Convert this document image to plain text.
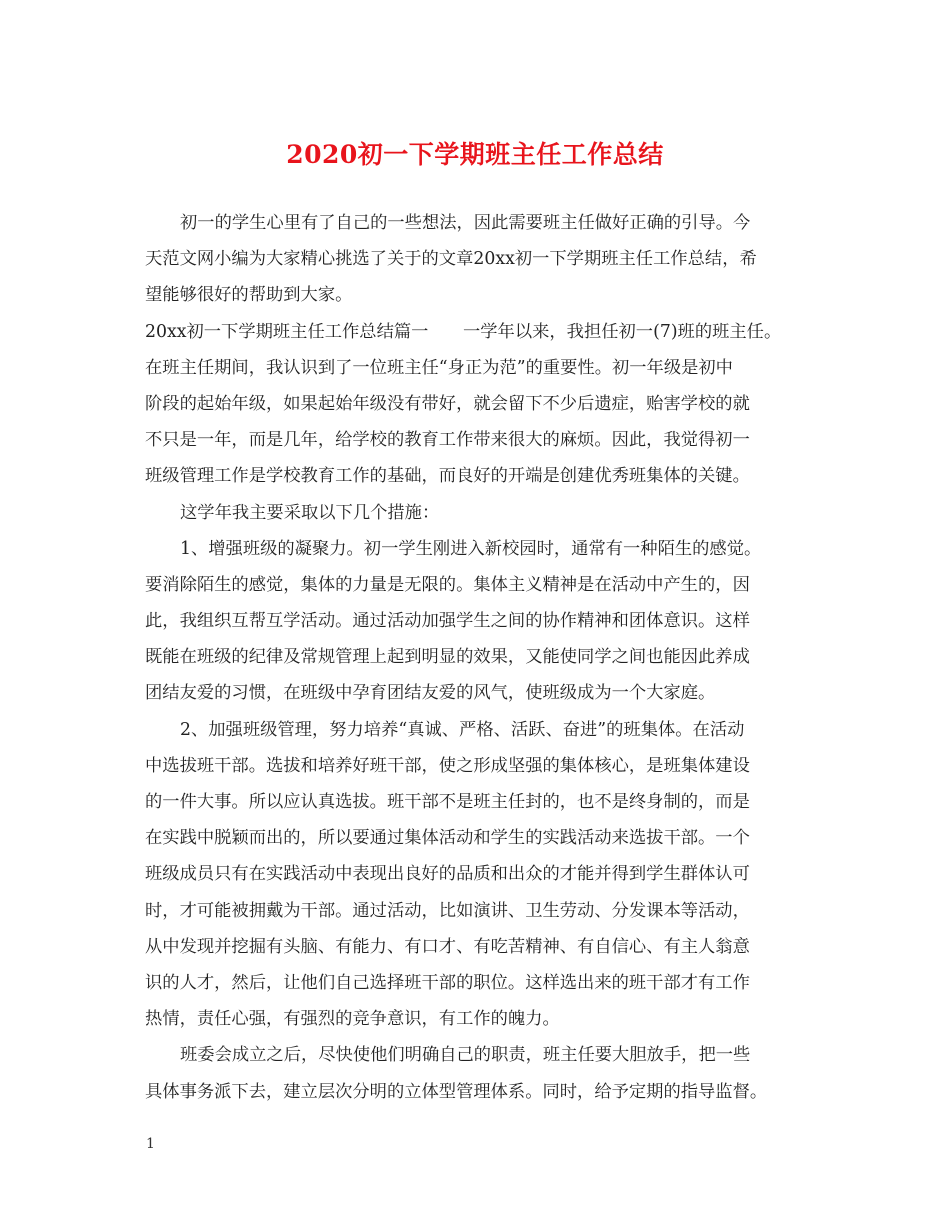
2020初一下学期班主任工作总结
初一的学生心里有了自己的一些想法，因此需要班主任做好正确的引导。今
天范文网小编为大家精心挑选了关于的文章20xx初一下学期班主任工作总结，希
望能够很好的帮助到大家。
20xx初一下学期班主任工作总结篇一　　一学年以来，我担任初一(7)班的班主任。
在班主任期间，我认识到了一位班主任“身正为范”的重要性。初一年级是初中
阶段的起始年级，如果起始年级没有带好，就会留下不少后遗症，贻害学校的就
不只是一年，而是几年，给学校的教育工作带来很大的麻烦。因此，我觉得初一
班级管理工作是学校教育工作的基础，而良好的开端是创建优秀班集体的关键。
这学年我主要采取以下几个措施：
1、增强班级的凝聚力。初一学生刚进入新校园时，通常有一种陌生的感觉。
要消除陌生的感觉，集体的力量是无限的。集体主义精神是在活动中产生的，因
此，我组织互帮互学活动。通过活动加强学生之间的协作精神和团体意识。这样
既能在班级的纪律及常规管理上起到明显的效果，又能使同学之间也能因此养成
团结友爱的习惯，在班级中孕育团结友爱的风气，使班级成为一个大家庭。
2、加强班级管理，努力培养“真诚、严格、活跃、奋进”的班集体。在活动
中选拔班干部。选拔和培养好班干部，使之形成坚强的集体核心，是班集体建设
的一件大事。所以应认真选拔。班干部不是班主任封的，也不是终身制的，而是
在实践中脱颖而出的，所以要通过集体活动和学生的实践活动来选拔干部。一个
班级成员只有在实践活动中表现出良好的品质和出众的才能并得到学生群体认可
时，才可能被拥戴为干部。通过活动，比如演讲、卫生劳动、分发课本等活动，
从中发现并挖掘有头脑、有能力、有口才、有吃苦精神、有自信心、有主人翁意
识的人才，然后，让他们自己选择班干部的职位。这样选出来的班干部才有工作
热情，责任心强，有强烈的竞争意识，有工作的魄力。
班委会成立之后，尽快使他们明确自己的职责，班主任要大胆放手，把一些
具体事务派下去，建立层次分明的立体型管理体系。同时，给予定期的指导监督。
1
